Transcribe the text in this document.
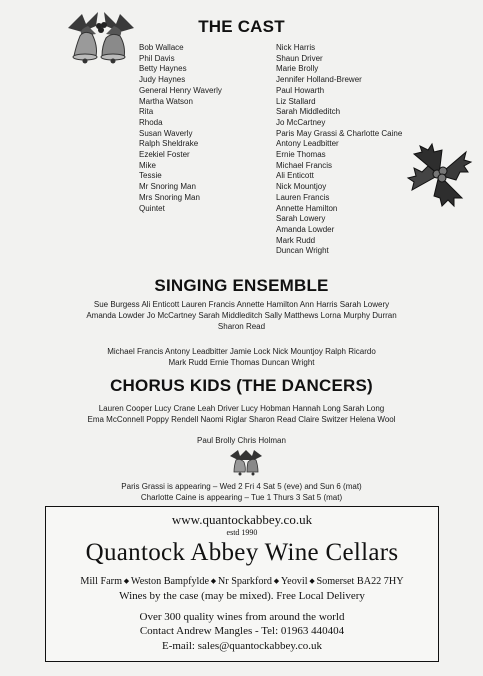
THE CAST
Bob Wallace
Phil Davis
Betty Haynes
Judy Haynes
General Henry Waverly
Martha Watson
Rita
Rhoda
Susan Waverly
Ralph Sheldrake
Ezekiel Foster
Mike
Tessie
Mr Snoring Man
Mrs Snoring Man
Quintet
Nick Harris
Shaun Driver
Marie Brolly
Jennifer Holland-Brewer
Paul Howarth
Liz Stallard
Sarah Middleditch
Jo McCartney
Paris May Grassi & Charlotte Caine
Antony Leadbitter
Ernie Thomas
Michael Francis
Ali Enticott
Nick Mountjoy
Lauren Francis
Annette Hamilton
Sarah Lowery
Amanda Lowder
Mark Rudd
Duncan Wright
SINGING ENSEMBLE
Sue Burgess Ali Enticott Lauren Francis Annette Hamilton Ann Harris Sarah Lowery
Amanda Lowder Jo McCartney Sarah Middleditch Sally Matthews Lorna Murphy Durran
Sharon Read
Michael Francis Antony Leadbitter Jamie Lock Nick Mountjoy Ralph Ricardo
Mark Rudd Ernie Thomas Duncan Wright
CHORUS KIDS (THE DANCERS)
Lauren Cooper Lucy Crane Leah Driver Lucy Hobman Hannah Long Sarah Long
Ema McConnell Poppy Rendell Naomi Riglar Sharon Read Claire Switzer Helena Wool
Paul Brolly Chris Holman
Paris Grassi is appearing – Wed 2 Fri 4 Sat 5 (eve) and Sun 6 (mat)
Charlotte Caine is appearing – Tue 1 Thurs 3 Sat 5 (mat)
www.quantockabbey.co.uk
estd 1990
Quantock Abbey Wine Cellars
Mill Farm ◆ Weston Bampfylde ◆ Nr Sparkford ◆ Yeovil ◆ Somerset BA22 7HY
Wines by the case (may be mixed). Free Local Delivery
Over 300 quality wines from around the world
Contact Andrew Mangles - Tel: 01963 440404
E-mail: sales@quantockabbey.co.uk
